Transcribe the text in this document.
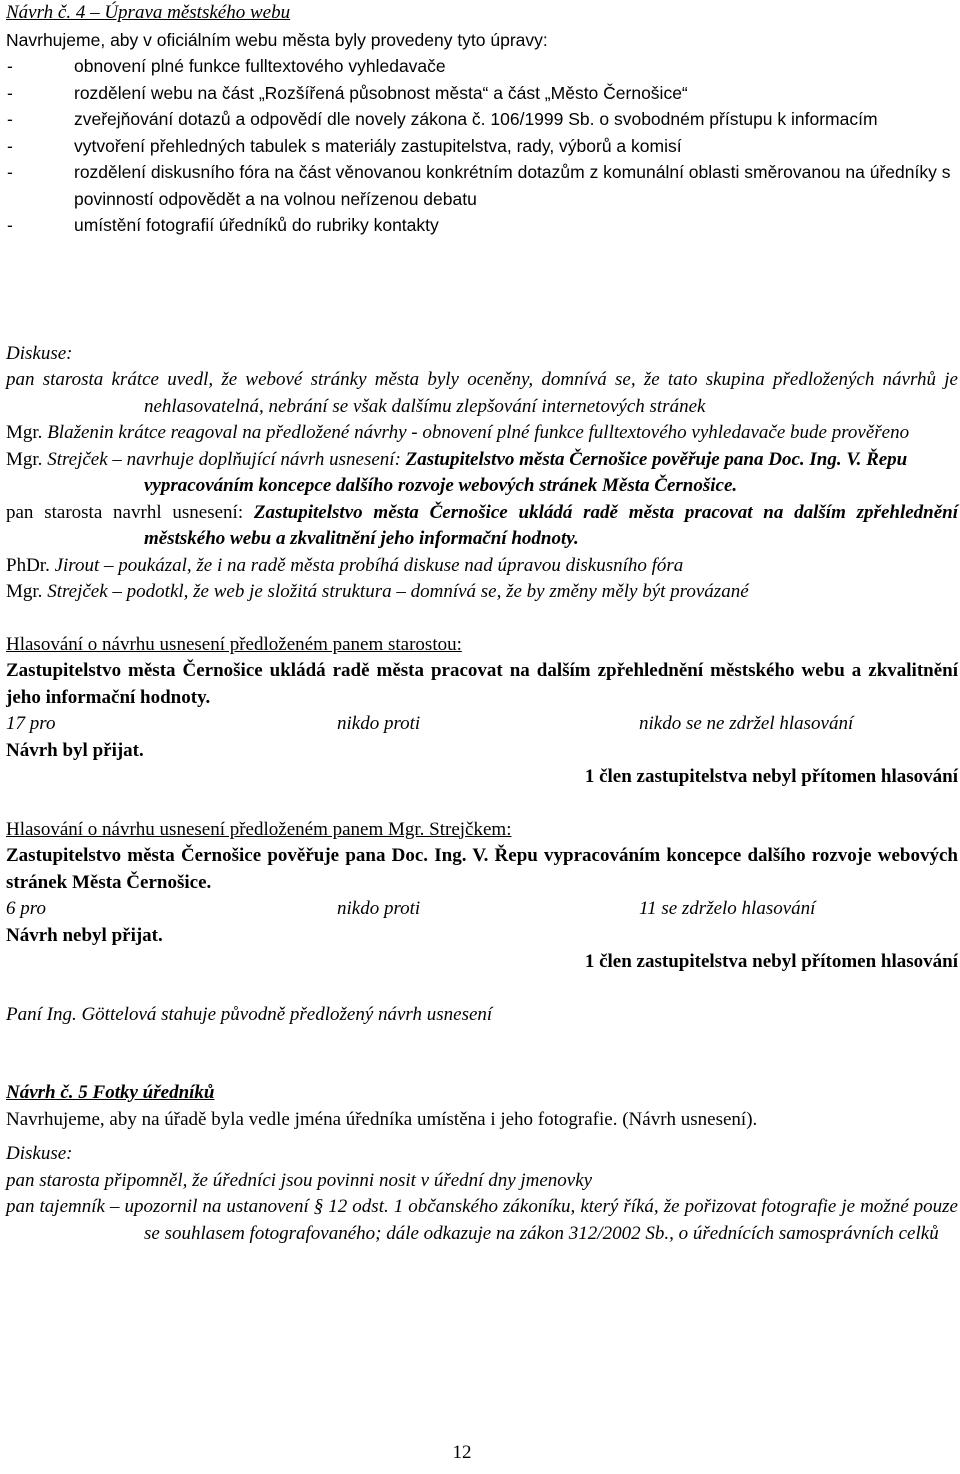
Návrh č. 4 – Úprava městského webu
Navrhujeme, aby v oficiálním webu města byly provedeny tyto úpravy:
-	obnovení plné funkce fulltextového vyhledavače
-	rozdělení webu na část „Rozšířená působnost města“ a část „Město Černošice“
-	zveřejňování dotazů a odpovědí dle novely zákona č. 106/1999 Sb. o svobodném přístupu k informacím
-	vytvoření přehledných tabulek s materiály zastupitelstva, rady, výborů a komisí
-	rozdělení diskusního fóra na část věnovanou konkrétním dotazům z komunální oblasti směrovanou na úředníky s povinností odpovědět a na volnou neřízenou debatu
-	umístění fotografií úředníků do rubriky kontakty
Diskuse:
pan starosta krátce uvedl, že webové stránky města byly oceněny, domnívá se, že tato skupina předložených návrhů je nehlasovatelná, nebrání se však dalšímu zlepšování internetových stránek
Mgr. Blaženin krátce reagoval na předložené návrhy - obnovení plné funkce fulltextového vyhledavače bude prověřeno
Mgr. Strejček – navrhuje doplňující návrh usnesení: Zastupitelstvo města Černošice pověřuje pana Doc. Ing. V. Řepu vypracováním koncepce dalšího rozvoje webových stránek Města Černošice.
pan starosta navrhl usnesení: Zastupitelstvo města Černošice ukládá radě města pracovat na dalším zpřehlednění městského webu a zkvalitnění jeho informační hodnoty.
PhDr. Jirout – poukázal, že i na radě města probíhá diskuse nad úpravou diskusního fóra
Mgr. Strejček – podotkl, že web je složitá struktura – domnívá se, že by změny měly být provázané
Hlasování o návrhu usnesení předloženém panem starostou:
Zastupitelstvo města Černošice ukládá radě města pracovat na dalším zpřehlednění městského webu a zkvalitnění jeho informační hodnoty.
17 pro	nikdo proti	nikdo se ne zdržel hlasování
Návrh byl přijat.
1 člen zastupitelstva nebyl přítomen hlasování
Hlasování o návrhu usnesení předloženém panem Mgr. Strejčkem:
Zastupitelstvo města Černošice pověřuje pana Doc. Ing. V. Řepu vypracováním koncepce dalšího rozvoje webových stránek Města Černošice.
6 pro	nikdo proti	11 se zdrželo hlasování
Návrh nebyl přijat.
1 člen zastupitelstva nebyl přítomen hlasování
Paní Ing. Göttelová stahuje původně předložený návrh usnesení
Návrh č. 5 Fotky úředníků
Navrhujeme, aby na úřadě byla vedle jména úředníka umístěna i jeho fotografie. (Návrh usnesení).
Diskuse:
pan starosta připomněl, že úředníci jsou povinni nosit v úřední dny jmenovky
pan tajemník – upozornil na ustanovení § 12 odst. 1 občanského zákoníku, který říká, že pořizovat fotografie je možné pouze se souhlasem fotografovaného; dále odkazuje na zákon 312/2002 Sb., o úřednících samosprávních celků
12
